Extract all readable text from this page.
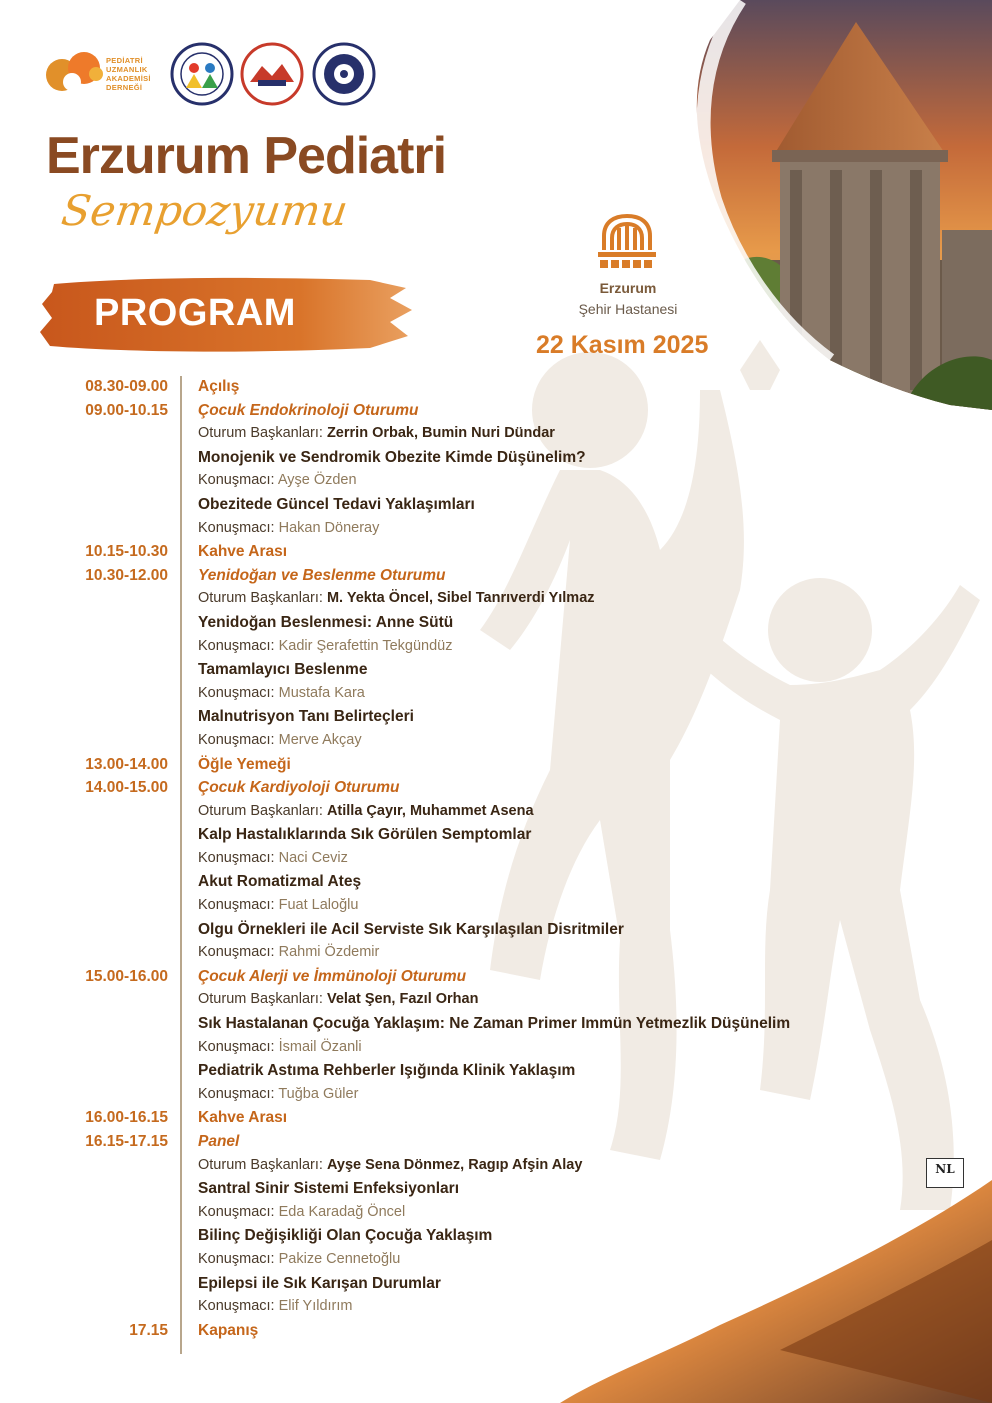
PEDİATRİ
UZMANLIK
AKADEMİSİ
DERNEĞİ
Erzurum Pediatri
Sempozyumu
PROGRAM
Erzurum
Şehir Hastanesi
22 Kasım 2025
08.30-09.00 Açılış
09.00-10.15 Çocuk Endokrinoloji Oturumu
Oturum Başkanları: Zerrin Orbak, Bumin Nuri Dündar
Monojenik ve Sendromik Obezite Kimde Düşünelim?
Konuşmacı: Ayşe Özden
Obezitede Güncel Tedavi Yaklaşımları
Konuşmacı: Hakan Döneray
10.15-10.30 Kahve Arası
10.30-12.00 Yenidoğan ve Beslenme Oturumu
Oturum Başkanları: M. Yekta Öncel, Sibel Tanrıverdi Yılmaz
Yenidoğan Beslenmesi: Anne Sütü
Konuşmacı: Kadir Şerafettin Tekgündüz
Tamamlayıcı Beslenme
Konuşmacı: Mustafa Kara
Malnutrisyon Tanı Belirteçleri
Konuşmacı: Merve Akçay
13.00-14.00 Öğle Yemeği
14.00-15.00 Çocuk Kardiyoloji Oturumu
Oturum Başkanları: Atilla Çayır, Muhammet Asena
Kalp Hastalıklarında Sık Görülen Semptomlar
Konuşmacı: Naci Ceviz
Akut Romatizmal Ateş
Konuşmacı: Fuat Laloğlu
Olgu Örnekleri ile Acil Serviste Sık Karşılaşılan Disritmiler
Konuşmacı: Rahmi Özdemir
15.00-16.00 Çocuk Alerji ve İmmünoloji Oturumu
Oturum Başkanları: Velat Şen, Fazıl Orhan
Sık Hastalanan Çocuğa Yaklaşım: Ne Zaman Primer Immün Yetmezlik Düşünelim
Konuşmacı: İsmail Özanli
Pediatrik Astıma Rehberler Işığında Klinik Yaklaşım
Konuşmacı: Tuğba Güler
16.00-16.15 Kahve Arası
16.15-17.15 Panel
Oturum Başkanları: Ayşe Sena Dönmez, Ragıp Afşin Alay
Santral Sinir Sistemi Enfeksiyonları
Konuşmacı: Eda Karadağ Öncel
Bilinç Değişikliği Olan Çocuğa Yaklaşım
Konuşmacı: Pakize Cennetoğlu
Epilepsi ile Sık Karışan Durumlar
Konuşmacı: Elif Yıldırım
17.15 Kapanış
NL
